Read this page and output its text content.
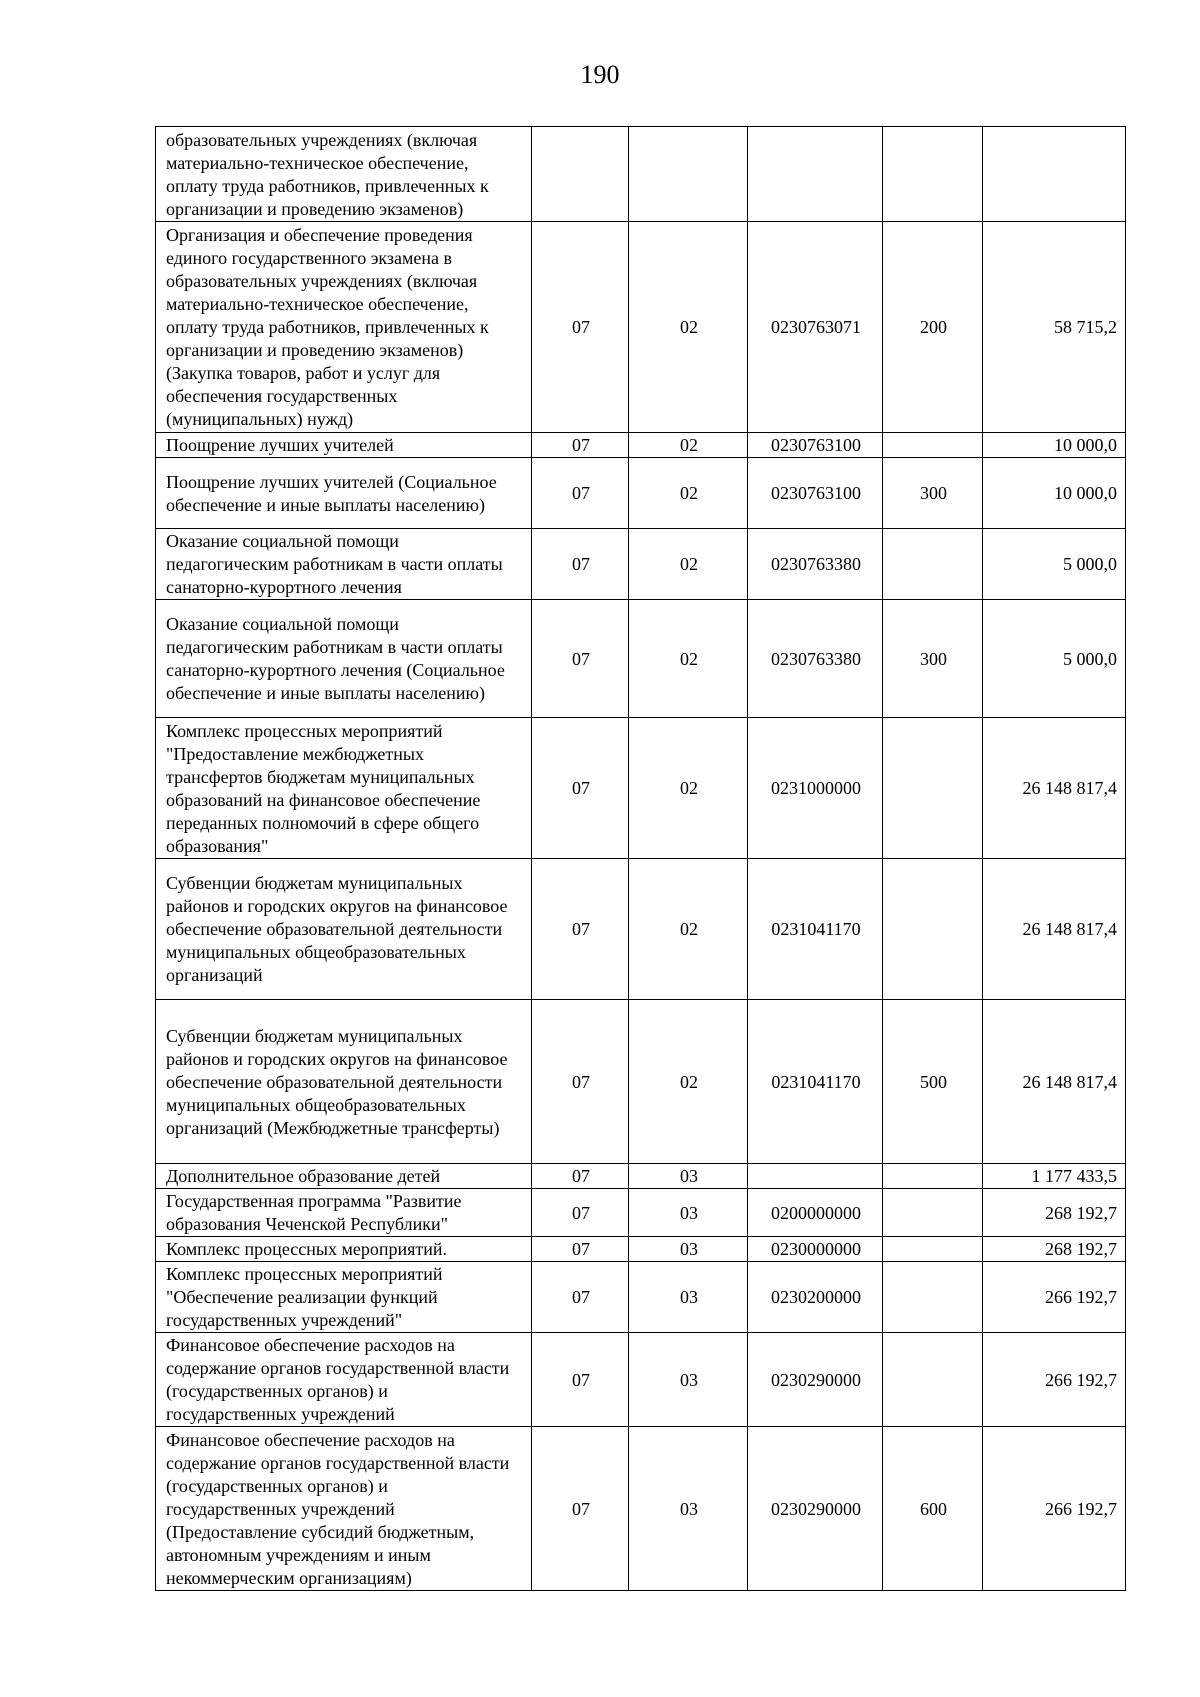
190
образовательных учреждениях (включая материально-техническое обеспечение, оплату труда работников, привлеченных к организации и проведению экзаменов)					
Организация и обеспечение проведения единого государственного экзамена в образовательных учреждениях (включая материально-техническое обеспечение, оплату труда работников, привлеченных к организации и проведению экзаменов) (Закупка товаров, работ и услуг для обеспечения государственных (муниципальных) нужд)	07	02	0230763071	200	58 715,2
Поощрение лучших учителей	07	02	0230763100		10 000,0
Поощрение лучших учителей (Социальное обеспечение и иные выплаты населению)	07	02	0230763100	300	10 000,0
Оказание социальной помощи педагогическим работникам в части оплаты санаторно-курортного лечения	07	02	0230763380		5 000,0
Оказание социальной помощи педагогическим работникам в части оплаты санаторно-курортного лечения (Социальное обеспечение и иные выплаты населению)	07	02	0230763380	300	5 000,0
Комплекс процессных мероприятий "Предоставление межбюджетных трансфертов бюджетам муниципальных образований на финансовое обеспечение переданных полномочий в сфере общего образования"	07	02	0231000000		26 148 817,4
Субвенции бюджетам муниципальных районов и городских округов на финансовое обеспечение образовательной деятельности муниципальных общеобразовательных организаций	07	02	0231041170		26 148 817,4
Субвенции бюджетам муниципальных районов и городских округов на финансовое обеспечение образовательной деятельности муниципальных общеобразовательных организаций (Межбюджетные трансферты)	07	02	0231041170	500	26 148 817,4
Дополнительное образование детей	07	03			1 177 433,5
Государственная программа "Развитие образования Чеченской Республики"	07	03	0200000000		268 192,7
Комплекс процессных мероприятий.	07	03	0230000000		268 192,7
Комплекс процессных мероприятий "Обеспечение реализации функций государственных учреждений"	07	03	0230200000		266 192,7
Финансовое обеспечение расходов на содержание органов государственной власти (государственных органов) и государственных учреждений	07	03	0230290000		266 192,7
Финансовое обеспечение расходов на содержание органов государственной власти (государственных органов) и государственных учреждений (Предоставление субсидий бюджетным, автономным учреждениям и иным некоммерческим организациям)	07	03	0230290000	600	266 192,7
